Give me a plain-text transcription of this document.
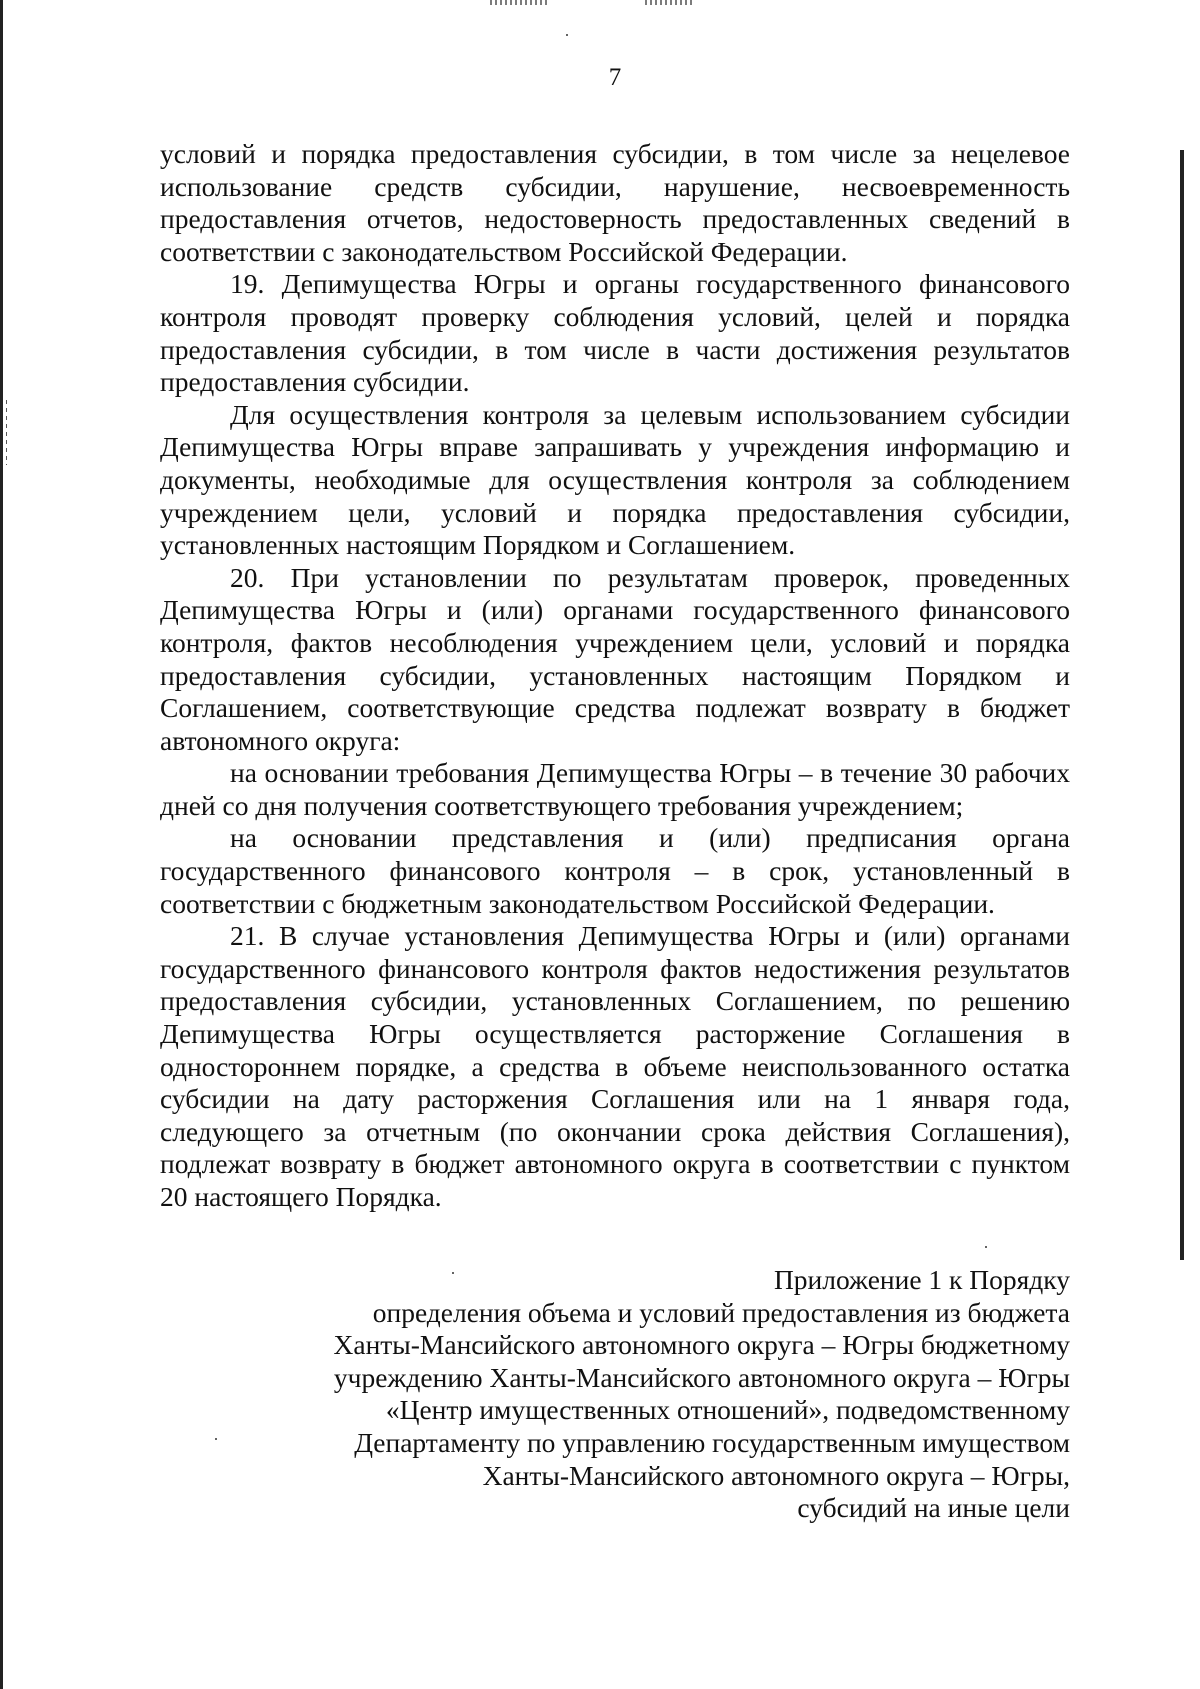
7

условий и порядка предоставления субсидии, в том числе за нецелевое использование средств субсидии, нарушение, несвоевременность предоставления отчетов, недостоверность предоставленных сведений в соответствии с законодательством Российской Федерации.

19. Депимущества Югры и органы государственного финансового контроля проводят проверку соблюдения условий, целей и порядка предоставления субсидии, в том числе в части достижения результатов предоставления субсидии.

Для осуществления контроля за целевым использованием субсидии Депимущества Югры вправе запрашивать у учреждения информацию и документы, необходимые для осуществления контроля за соблюдением учреждением цели, условий и порядка предоставления субсидии, установленных настоящим Порядком и Соглашением.

20. При установлении по результатам проверок, проведенных Депимущества Югры и (или) органами государственного финансового контроля, фактов несоблюдения учреждением цели, условий и порядка предоставления субсидии, установленных настоящим Порядком и Соглашением, соответствующие средства подлежат возврату в бюджет автономного округа:

на основании требования Депимущества Югры – в течение 30 рабочих дней со дня получения соответствующего требования учреждением;

на основании представления и (или) предписания органа государственного финансового контроля – в срок, установленный в соответствии с бюджетным законодательством Российской Федерации.

21. В случае установления Депимущества Югры и (или) органами государственного финансового контроля фактов недостижения результатов предоставления субсидии, установленных Соглашением, по решению Депимущества Югры осуществляется расторжение Соглашения в одностороннем порядке, а средства в объеме неиспользованного остатка субсидии на дату расторжения Соглашения или на 1 января года, следующего за отчетным (по окончании срока действия Соглашения), подлежат возврату в бюджет автономного округа в соответствии с пунктом 20 настоящего Порядка.

Приложение 1 к Порядку
определения объема и условий предоставления из бюджета
Ханты-Мансийского автономного округа – Югры бюджетному
учреждению Ханты-Мансийского автономного округа – Югры
«Центр имущественных отношений», подведомственному
Департаменту по управлению государственным имуществом
Ханты-Мансийского автономного округа – Югры,
субсидий на иные цели
